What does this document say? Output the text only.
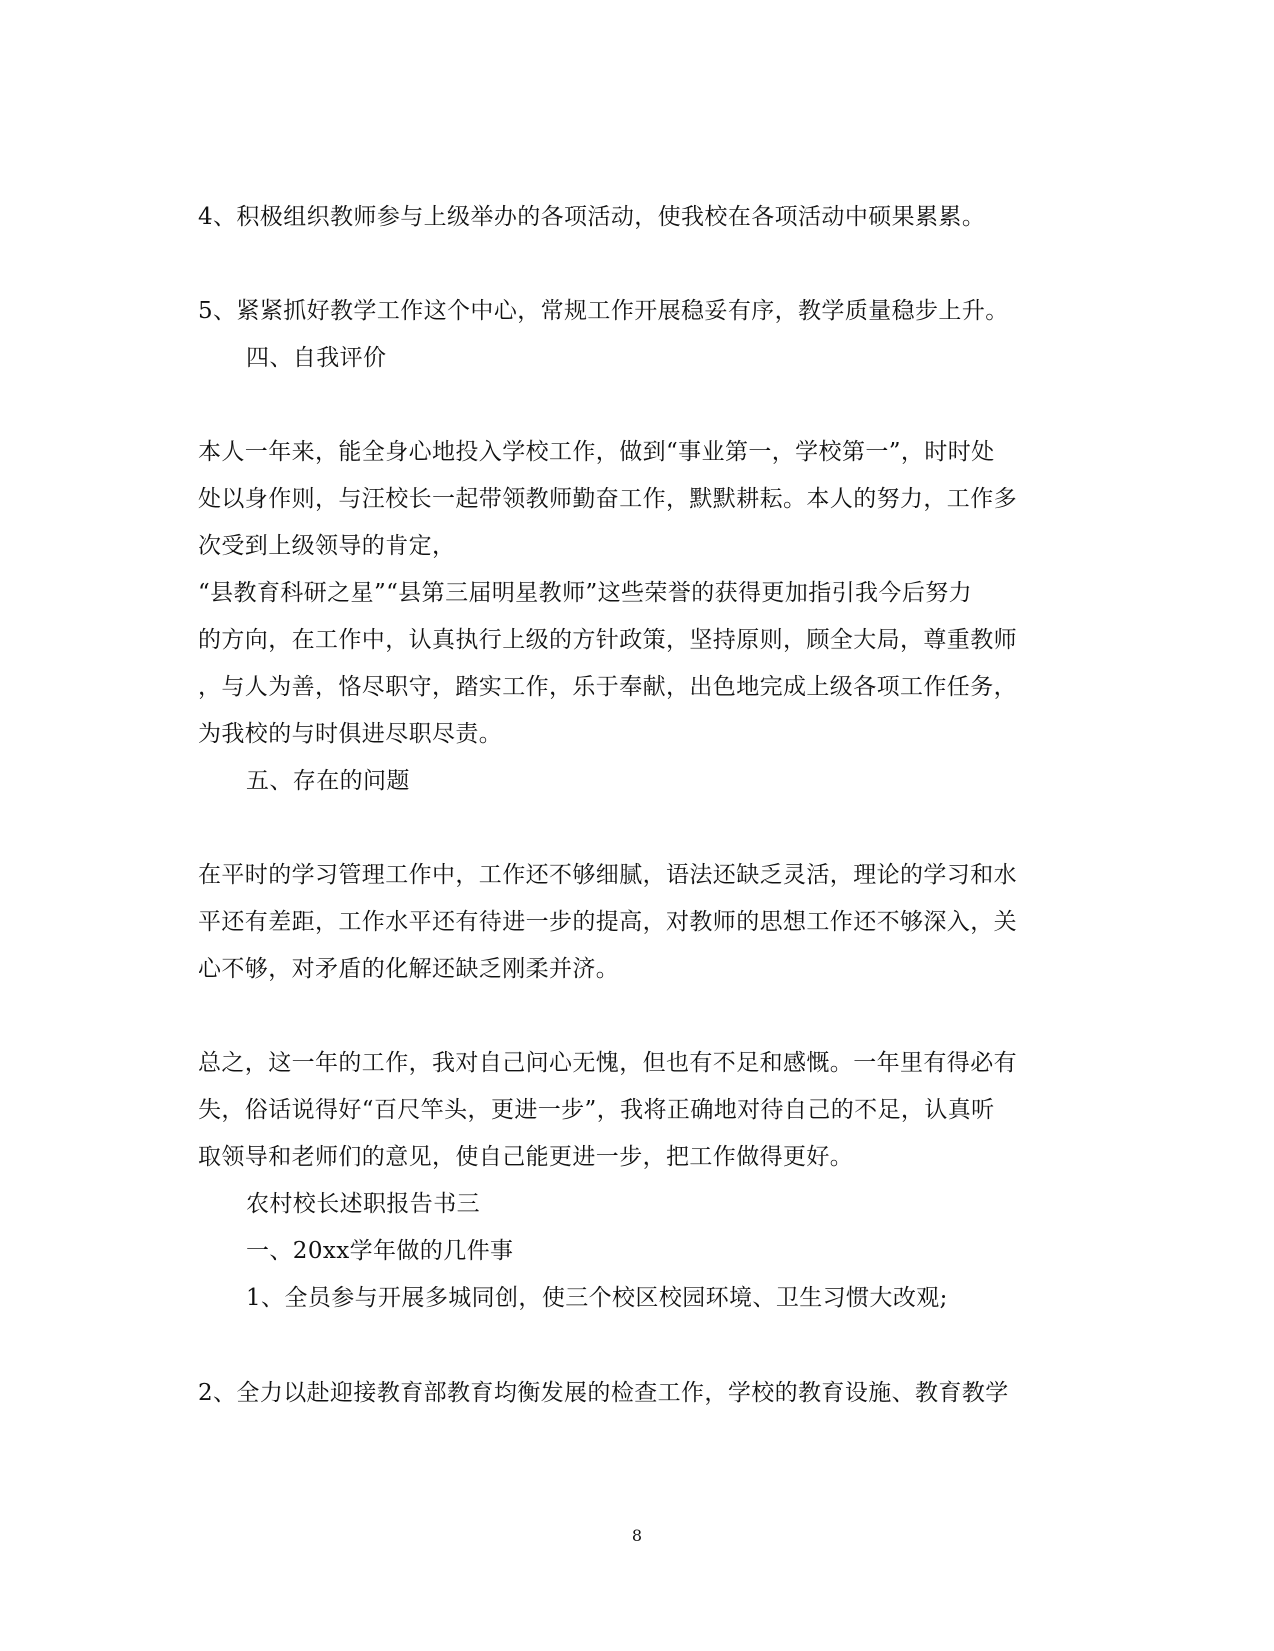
4、积极组织教师参与上级举办的各项活动，使我校在各项活动中硕果累累。
5、紧紧抓好教学工作这个中心，常规工作开展稳妥有序，教学质量稳步上升。
四、自我评价
本人一年来，能全身心地投入学校工作，做到“事业第一，学校第一”，时时处
处以身作则，与汪校长一起带领教师勤奋工作，默默耕耘。本人的努力，工作多
次受到上级领导的肯定，
“县教育科研之星”“县第三届明星教师”这些荣誉的获得更加指引我今后努力
的方向，在工作中，认真执行上级的方针政策，坚持原则，顾全大局，尊重教师
，与人为善，恪尽职守，踏实工作，乐于奉献，出色地完成上级各项工作任务，
为我校的与时俱进尽职尽责。
五、存在的问题
在平时的学习管理工作中，工作还不够细腻，语法还缺乏灵活，理论的学习和水
平还有差距，工作水平还有待进一步的提高，对教师的思想工作还不够深入，关
心不够，对矛盾的化解还缺乏刚柔并济。
总之，这一年的工作，我对自己问心无愧，但也有不足和感慨。一年里有得必有
失，俗话说得好“百尺竿头，更进一步”，我将正确地对待自己的不足，认真听
取领导和老师们的意见，使自己能更进一步，把工作做得更好。
农村校长述职报告书三
一、20xx学年做的几件事
1、全员参与开展多城同创，使三个校区校园环境、卫生习惯大改观;
2、全力以赴迎接教育部教育均衡发展的检查工作，学校的教育设施、教育教学
8
